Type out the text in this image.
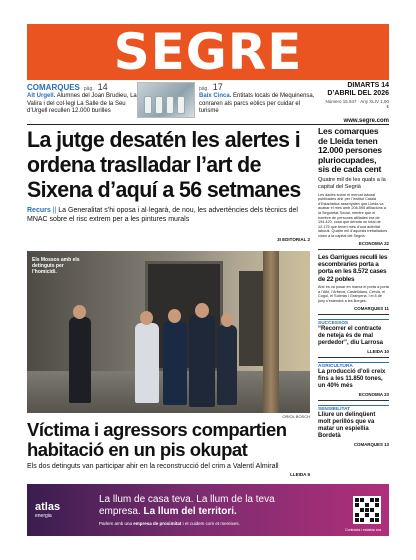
SEGRE
COMARQUES pàg. 14
Alt Urgell. Alumnes del Joan Brudieu, La Valira i del col·legi La Salle de la Seu d’Urgell recullen 12.000 burilles
pàg. 17
Baix Cinca. Entitats locals de Mequinensa, conraren als parcs eòlics per cuidar el turisme
DIMARTS 14
D’ABRIL DEL 2026
Número 15.947 · Any XLIV 1,90 €
www.segre.com
La jutge desatén les alertes i ordena traslladar l’art de Sixena d’aquí a 56 setmanes
Recurs || La Generalitat s’hi oposa i al·legarà, de nou, les advertències dels tècnics del MNAC sobre el risc extrem per a les pintures murals
3I EDITORIAL 2
Els Mossos amb els detinguts per l’homicidi.
ORIOL BOSCH
Víctima i agressors compartien habitació en un pis okupat
Els dos detinguts van participar ahir en la reconstrucció del crim a Valentí Almirall
LLEIDA 9
Les comarques de Lleida tenen 12.000 persones pluriocupades, sis de cada cent
Quatre mil de les quals a la capital del Segrià
Les dades sobre el mercat laboral publicades ahir per l’Institut Català d’Estadística assenyalen que Lleida va acabar el mes amb 206.595 afiliacions a la Seguretat Social, mentre que el nombre de persones afiliades era de 194.420, cosa que denota un total de 12.175 que tenen més d’una activitat laboral. Quatre mil d’aquests treballadors viuen a la capital del Segrià.
ECONOMIA 22
Les Garrigues reculli les escombraries porta a porta en les 8.572 cases de 22 pobles
Ahir es va posar en marxa el porta a porta a l’Albi, l’Arbeca, Castelldans, Cervià, el Cogul, el Soleràs i Granyena, i el 8 de juny s’estendrà a les Borges.
COMARQUES 11
SUCCESSOS
“Recorrer el contracte de neteja és de mal perdedor”, diu Larrosa
LLEIDA 10
AGRICULTURA
La producció d’oli creix fins a les 11.850 tones, un 40% més
ECONOMIA 23
SENSIBILITAT
Lliure un delinqüent molt perillós que va matar un espiellia Bordetà
COMARQUES 13
atlas
energia
La llum de casa teva. La llum de la teva
empresa. La llum del territori.
Parlem amb una empresa de proximitat i et cuidem com et mereixes.
Contracta i estalvia ara
